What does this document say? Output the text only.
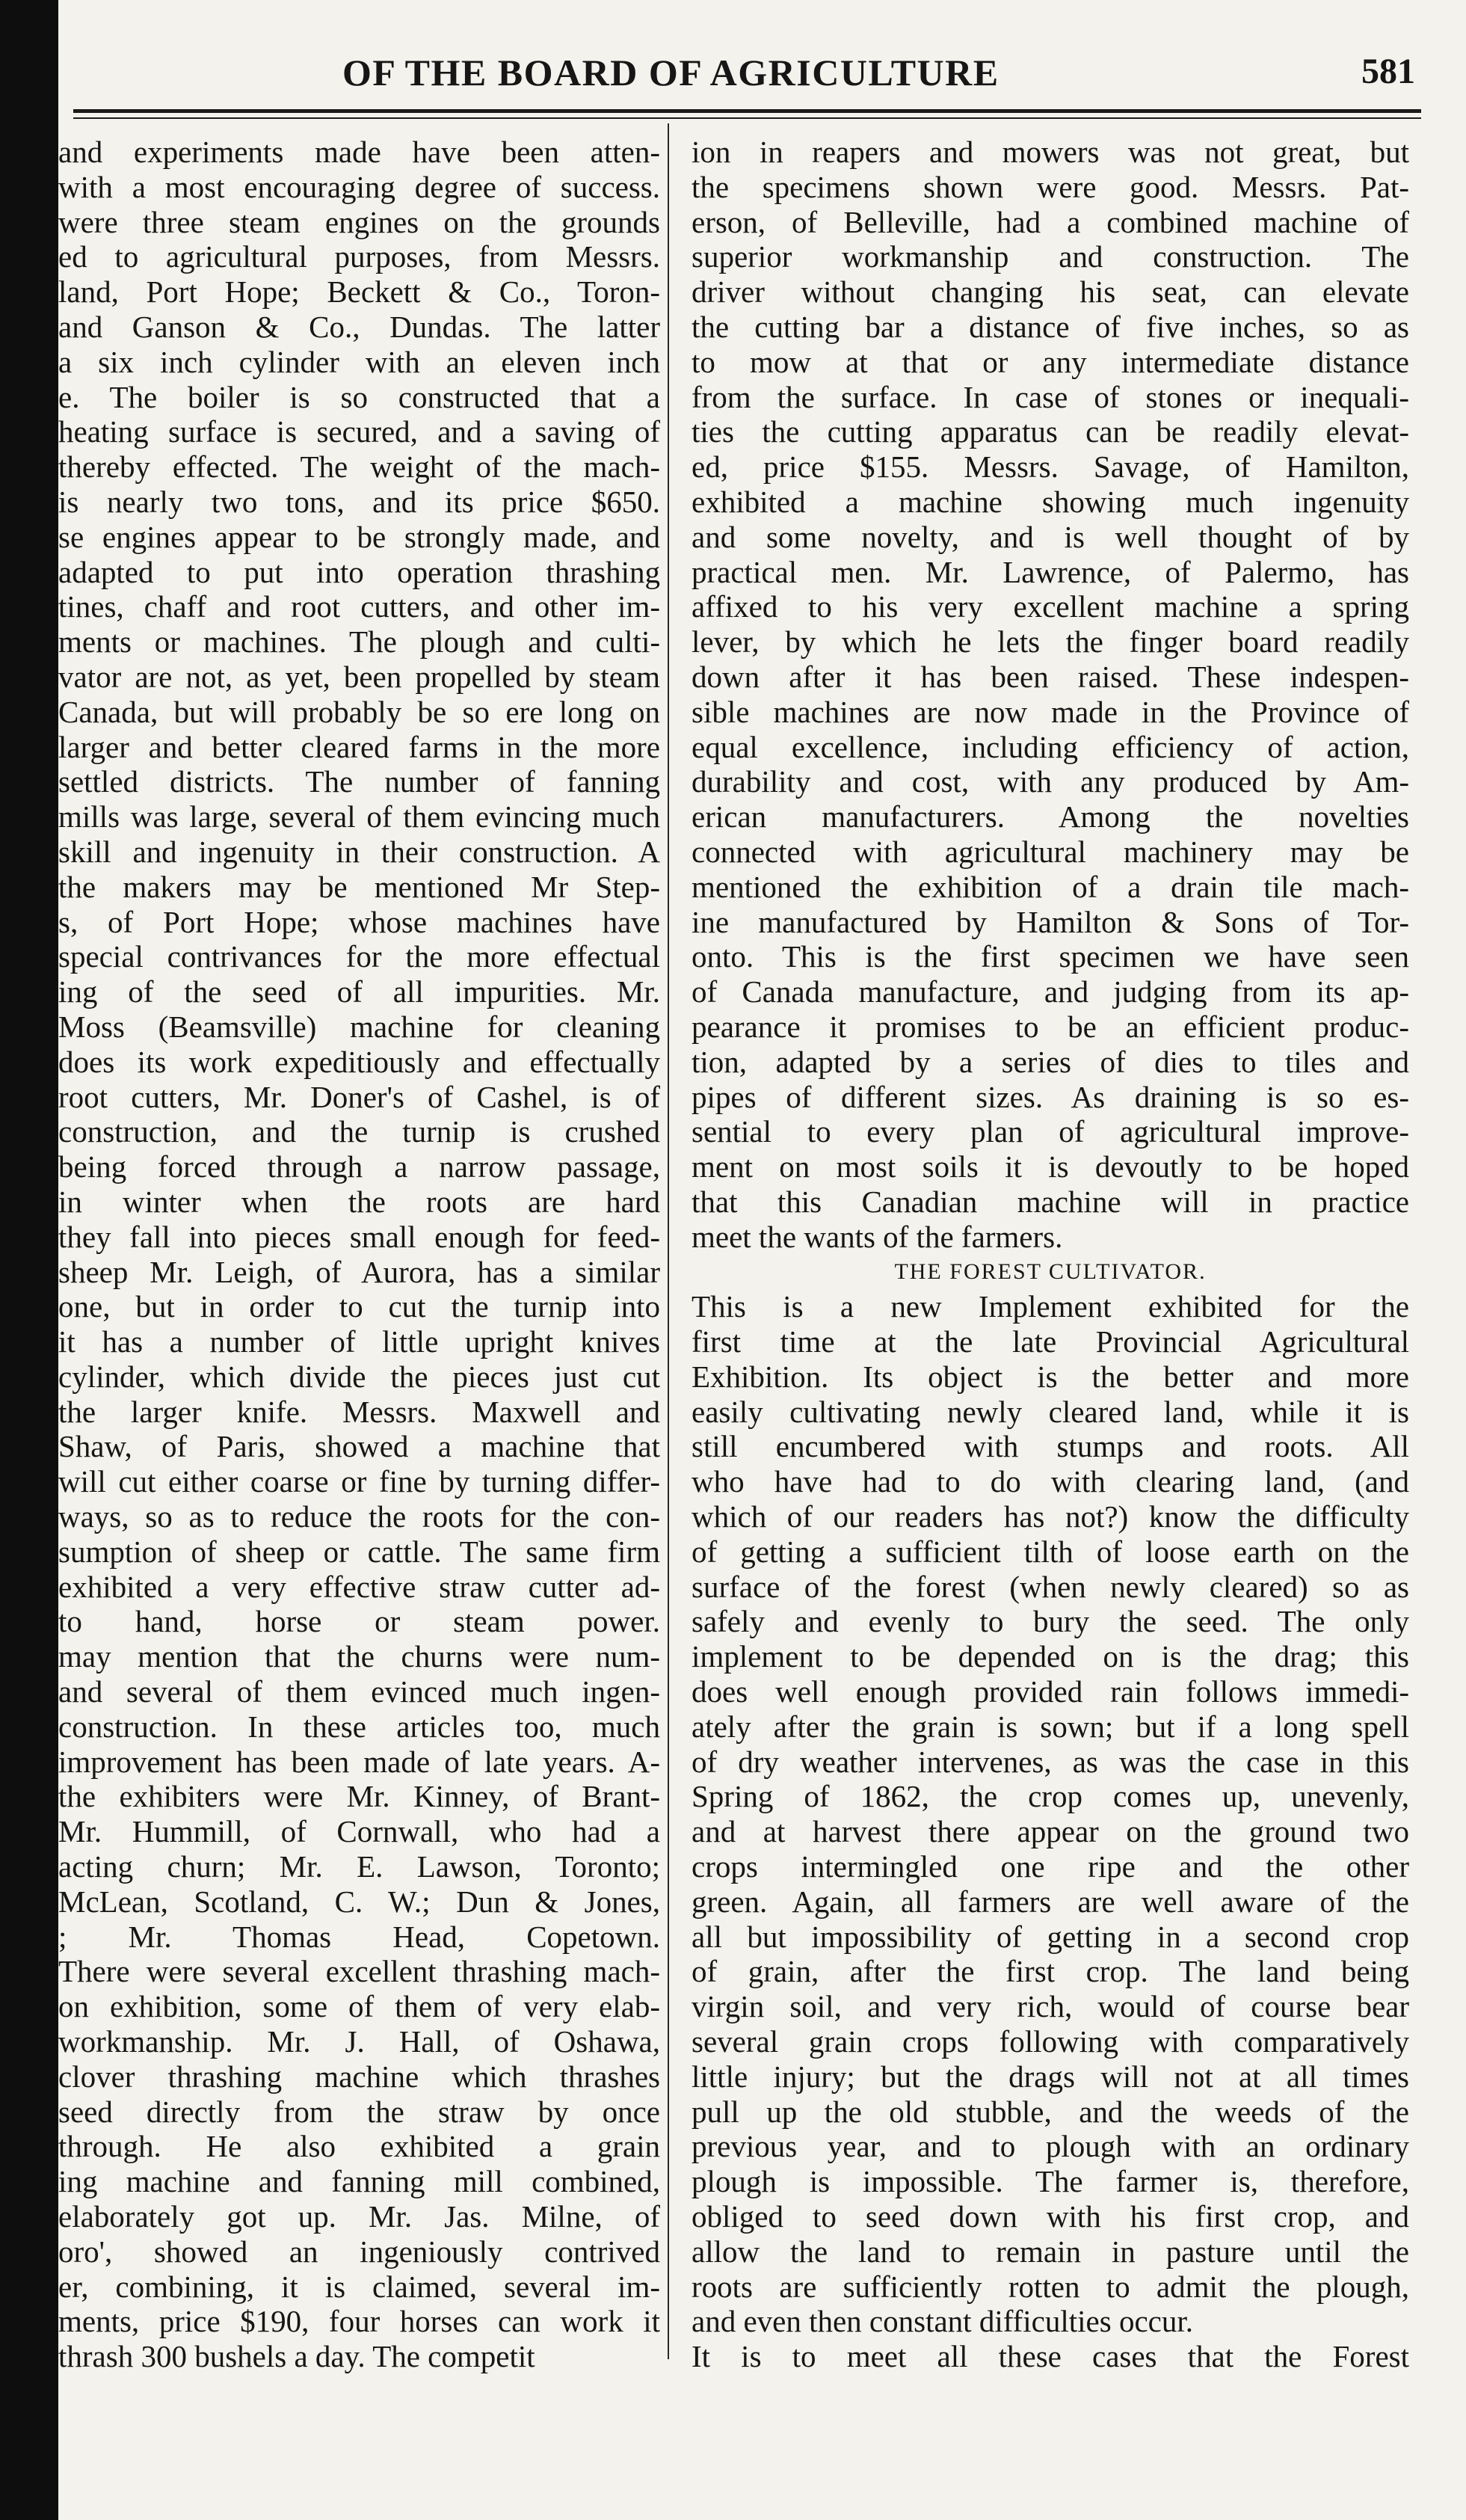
OF THE BOARD OF AGRICULTURE	581
and experiments made have been atten-
with a most encouraging degree of success.
were three steam engines on the grounds
ed to agricultural purposes, from Messrs.
land, Port Hope; Beckett & Co., Toron-
and Ganson & Co., Dundas. The latter
a six inch cylinder with an eleven inch
e. The boiler is so constructed that a
heating surface is secured, and a saving of
thereby effected. The weight of the mach-
is nearly two tons, and its price $650.
se engines appear to be strongly made, and
adapted to put into operation thrashing
tines, chaff and root cutters, and other im-
ments or machines. The plough and culti-
vator are not, as yet, been propelled by steam
Canada, but will probably be so ere long on
larger and better cleared farms in the more
settled districts. The number of fanning
mills was large, several of them evincing much
skill and ingenuity in their construction. A
the makers may be mentioned Mr Step-
s, of Port Hope; whose machines have
special contrivances for the more effectual
ing of the seed of all impurities. Mr.
Moss (Beamsville) machine for cleaning
does its work expeditiously and effectually
root cutters, Mr. Doner's of Cashel, is of
construction, and the turnip is crushed
being forced through a narrow passage,
in winter when the roots are hard
they fall into pieces small enough for feed-
sheep Mr. Leigh, of Aurora, has a similar
one, but in order to cut the turnip into
it has a number of little upright knives
cylinder, which divide the pieces just cut
the larger knife. Messrs. Maxwell and
Shaw, of Paris, showed a machine that
will cut either coarse or fine by turning differ-
ways, so as to reduce the roots for the con-
sumption of sheep or cattle. The same firm
exhibited a very effective straw cutter ad-
to hand, horse or steam power.
may mention that the churns were num-
and several of them evinced much ingen-
construction. In these articles too, much
improvement has been made of late years. A-
the exhibiters were Mr. Kinney, of Brant-
Mr. Hummill, of Cornwall, who had a
acting churn; Mr. E. Lawson, Toronto;
McLean, Scotland, C. W.; Dun & Jones,
; Mr. Thomas Head, Copetown.
There were several excellent thrashing mach-
on exhibition, some of them of very elab-
workmanship. Mr. J. Hall, of Oshawa,
clover thrashing machine which thrashes
seed directly from the straw by once
through. He also exhibited a grain
ing machine and fanning mill combined,
elaborately got up. Mr. Jas. Milne, of
oro', showed an ingeniously contrived
er, combining, it is claimed, several im-
ments, price $190, four horses can work it
thrash 300 bushels a day. The competit
ion in reapers and mowers was not great, but
the specimens shown were good. Messrs. Pat-
erson, of Belleville, had a combined machine of
superior workmanship and construction. The
driver without changing his seat, can elevate
the cutting bar a distance of five inches, so as
to mow at that or any intermediate distance
from the surface. In case of stones or inequali-
ties the cutting apparatus can be readily elevat-
ed, price $155. Messrs. Savage, of Hamilton,
exhibited a machine showing much ingenuity
and some novelty, and is well thought of by
practical men. Mr. Lawrence, of Palermo, has
affixed to his very excellent machine a spring
lever, by which he lets the finger board readily
down after it has been raised. These indespen-
sible machines are now made in the Province of
equal excellence, including efficiency of action,
durability and cost, with any produced by Am-
erican manufacturers. Among the novelties
connected with agricultural machinery may be
mentioned the exhibition of a drain tile mach-
ine manufactured by Hamilton & Sons of Tor-
onto. This is the first specimen we have seen
of Canada manufacture, and judging from its ap-
pearance it promises to be an efficient produc-
tion, adapted by a series of dies to tiles and
pipes of different sizes. As draining is so es-
sential to every plan of agricultural improve-
ment on most soils it is devoutly to be hoped
that this Canadian machine will in practice
meet the wants of the farmers.
THE FOREST CULTIVATOR.
This is a new Implement exhibited for the
first time at the late Provincial Agricultural
Exhibition. Its object is the better and more
easily cultivating newly cleared land, while it is
still encumbered with stumps and roots. All
who have had to do with clearing land, (and
which of our readers has not?) know the difficulty
of getting a sufficient tilth of loose earth on the
surface of the forest (when newly cleared) so as
safely and evenly to bury the seed. The only
implement to be depended on is the drag; this
does well enough provided rain follows immedi-
ately after the grain is sown; but if a long spell
of dry weather intervenes, as was the case in this
Spring of 1862, the crop comes up, unevenly,
and at harvest there appear on the ground two
crops intermingled one ripe and the other
green. Again, all farmers are well aware of the
all but impossibility of getting in a second crop
of grain, after the first crop. The land being
virgin soil, and very rich, would of course bear
several grain crops following with comparatively
little injury; but the drags will not at all times
pull up the old stubble, and the weeds of the
previous year, and to plough with an ordinary
plough is impossible. The farmer is, therefore,
obliged to seed down with his first crop, and
allow the land to remain in pasture until the
roots are sufficiently rotten to admit the plough,
and even then constant difficulties occur.
It is to meet all these cases that the Forest
